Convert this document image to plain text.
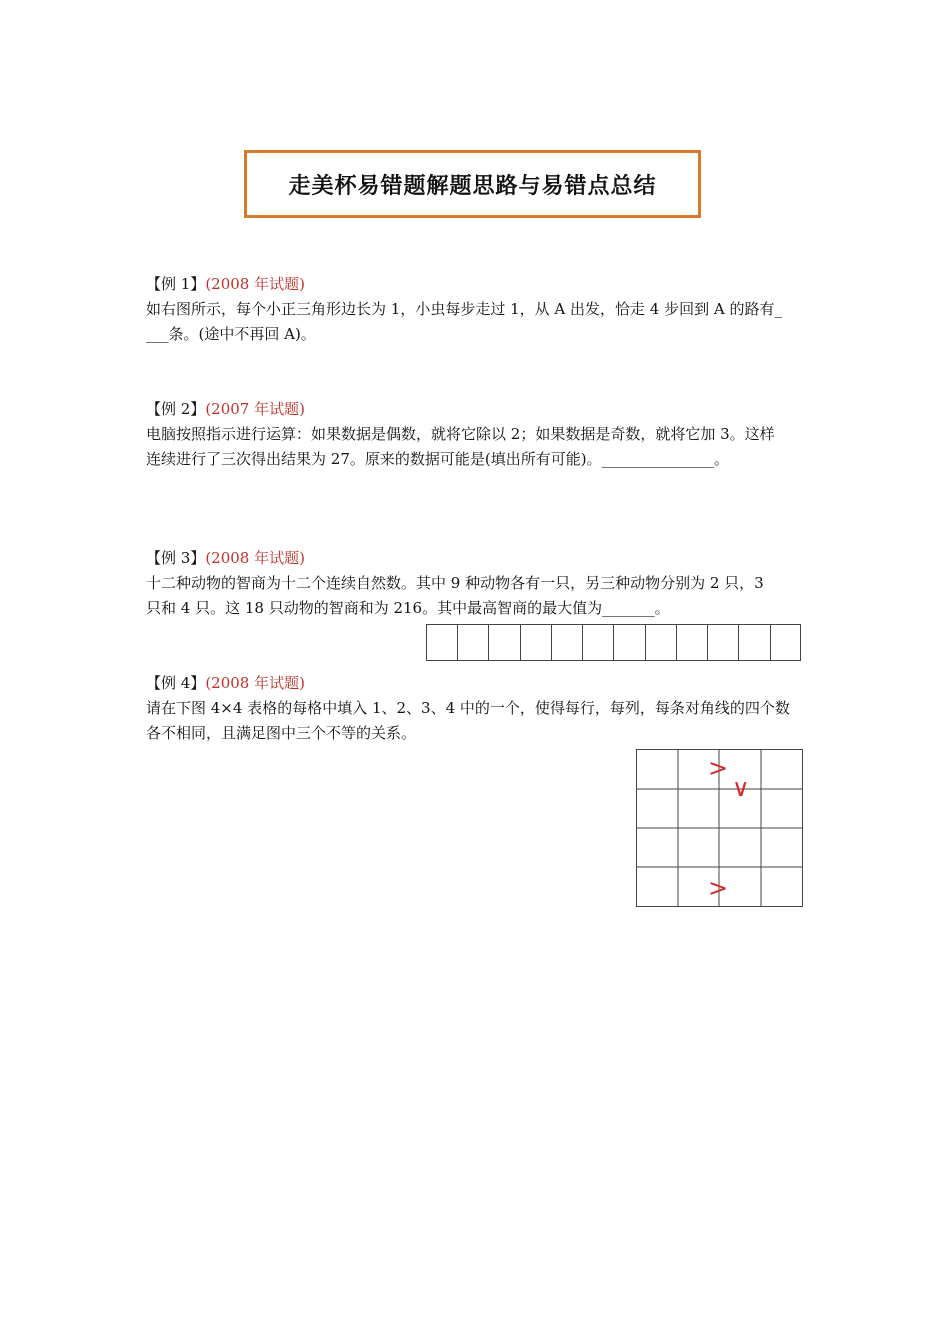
走美杯易错题解题思路与易错点总结
【例 1】(2008 年试题)

如右图所示，每个小正三角形边长为 1，小虫每步走过 1，从 A 出发，恰走 4 步回到 A 的路有_

___条。(途中不再回 A)。

【例 2】(2007 年试题)

电脑按照指示进行运算：如果数据是偶数，就将它除以 2；如果数据是奇数，就将它加 3。这样

连续进行了三次得出结果为 27。原来的数据可能是(填出所有可能)。_______________。

【例 3】(2008 年试题)

十二种动物的智商为十二个连续自然数。其中 9 种动物各有一只，另三种动物分别为 2 只，3

只和 4 只。这 18 只动物的智商和为 216。其中最高智商的最大值为_______。

【例 4】(2008 年试题)

请在下图 4×4 表格的每格中填入 1、2、3、4 中的一个，使得每行，每列，每条对角线的四个数

各不相同，且满足图中三个不等的关系。

>
∨
>
